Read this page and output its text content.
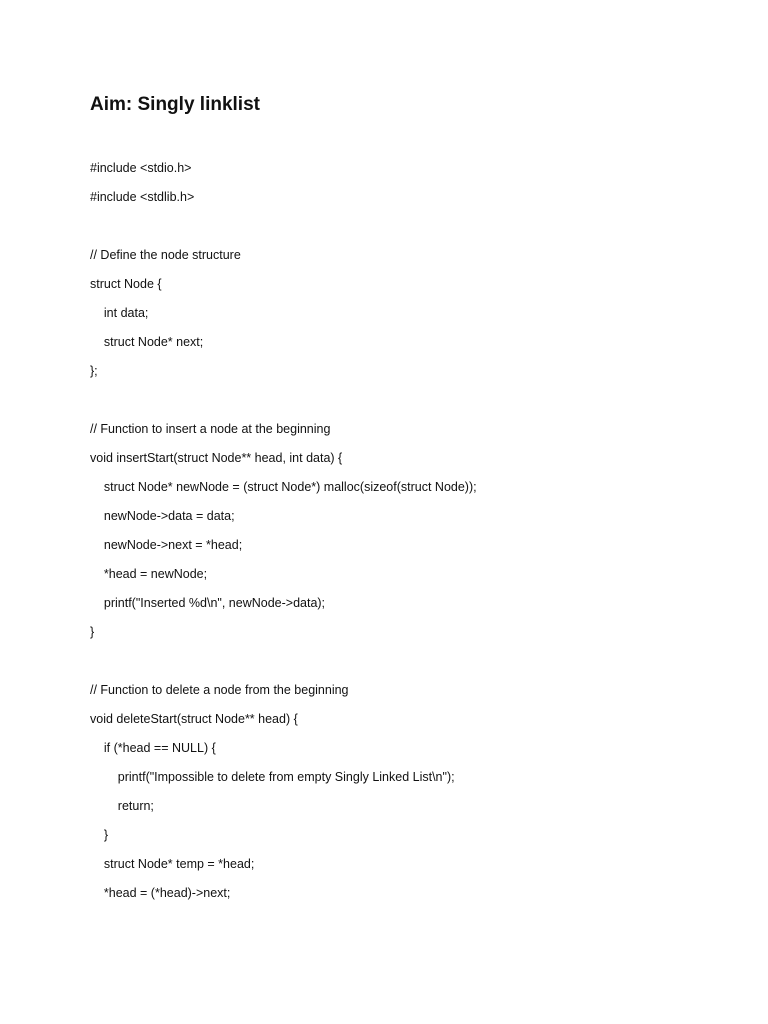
Aim: Singly linklist
#include <stdio.h>
#include <stdlib.h>
// Define the node structure
struct Node {
int data;
struct Node* next;
};
// Function to insert a node at the beginning
void insertStart(struct Node** head, int data) {
struct Node* newNode = (struct Node*) malloc(sizeof(struct Node));
newNode->data = data;
newNode->next = *head;
*head = newNode;
printf("Inserted %d\n", newNode->data);
}
// Function to delete a node from the beginning
void deleteStart(struct Node** head) {
if (*head == NULL) {
printf("Impossible to delete from empty Singly Linked List\n");
return;
}
struct Node* temp = *head;
*head = (*head)->next;
